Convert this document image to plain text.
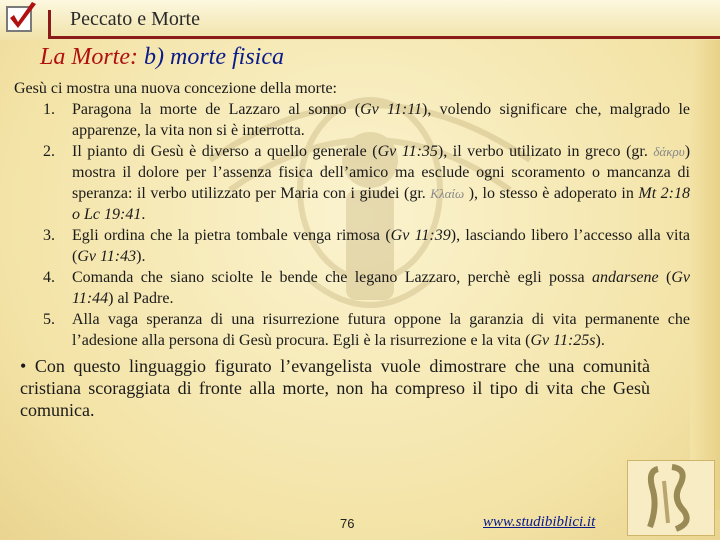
Peccato e Morte
La Morte: b) morte fisica

Gesù ci mostra una nuova concezione della morte:

1. Paragona la morte de Lazzaro al sonno (Gv 11:11), volendo significare che, malgrado le apparenze, la vita non si è interrotta.
2. Il pianto di Gesù è diverso a quello generale (Gv 11:35), il verbo utilizato in greco (gr. δάκρυ) mostra il dolore per l’assenza fisica dell’amico ma esclude ogni scoramento o mancanza di speranza: il verbo utilizzato per Maria con i giudei (gr. Κλαίω ), lo stesso è adoperato in Mt 2:18 o Lc 19:41.
3. Egli ordina che la pietra tombale venga rimosa (Gv 11:39), lasciando libero l’accesso alla vita (Gv 11:43).
4. Comanda che siano sciolte le bende che legano Lazzaro, perchè egli possa andarsene (Gv 11:44) al Padre.
5. Alla vaga speranza di una risurrezione futura oppone la garanzia di vita permanente che l’adesione alla persona di Gesù procura. Egli è la risurrezione e la vita (Gv 11:25s).

• Con questo linguaggio figurato l’evangelista vuole dimostrare che una comunità cristiana scoraggiata di fronte alla morte, non ha compreso il tipo di vita che Gesù comunica.

76	www.studibiblici.it
